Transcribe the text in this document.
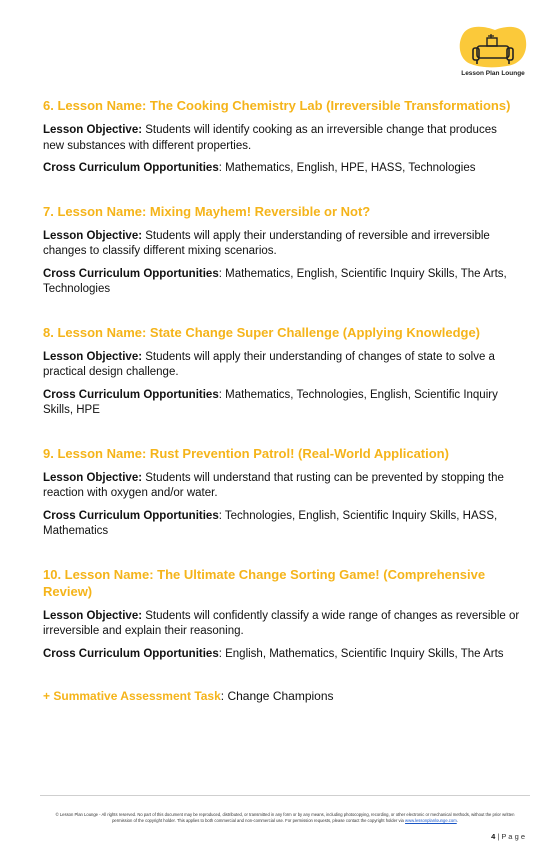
Lesson Plan Lounge
6. Lesson Name: The Cooking Chemistry Lab (Irreversible Transformations)

Lesson Objective: Students will identify cooking as an irreversible change that produces new substances with different properties.

Cross Curriculum Opportunities: Mathematics, English, HPE, HASS, Technologies

7. Lesson Name: Mixing Mayhem! Reversible or Not?

Lesson Objective: Students will apply their understanding of reversible and irreversible changes to classify different mixing scenarios.

Cross Curriculum Opportunities: Mathematics, English, Scientific Inquiry Skills, The Arts, Technologies

8. Lesson Name: State Change Super Challenge (Applying Knowledge)

Lesson Objective: Students will apply their understanding of changes of state to solve a practical design challenge.

Cross Curriculum Opportunities: Mathematics, Technologies, English, Scientific Inquiry Skills, HPE

9. Lesson Name: Rust Prevention Patrol! (Real-World Application)

Lesson Objective: Students will understand that rusting can be prevented by stopping the reaction with oxygen and/or water.

Cross Curriculum Opportunities: Technologies, English, Scientific Inquiry Skills, HASS, Mathematics

10. Lesson Name: The Ultimate Change Sorting Game! (Comprehensive Review)

Lesson Objective: Students will confidently classify a wide range of changes as reversible or irreversible and explain their reasoning.

Cross Curriculum Opportunities: English, Mathematics, Scientific Inquiry Skills, The Arts

+ Summative Assessment Task: Change Champions
© Lesson Plan Lounge - All rights reserved. No part of this document may be reproduced, distributed, or transmitted in any form or by any means, including photocopying, recording, or other electronic or mechanical methods, without the prior written permission of the copyright holder. This applies to both commercial and non-commercial use. For permission requests, please contact the copyright holder via www.lessonplanlounge.com.
4 | P a g e
